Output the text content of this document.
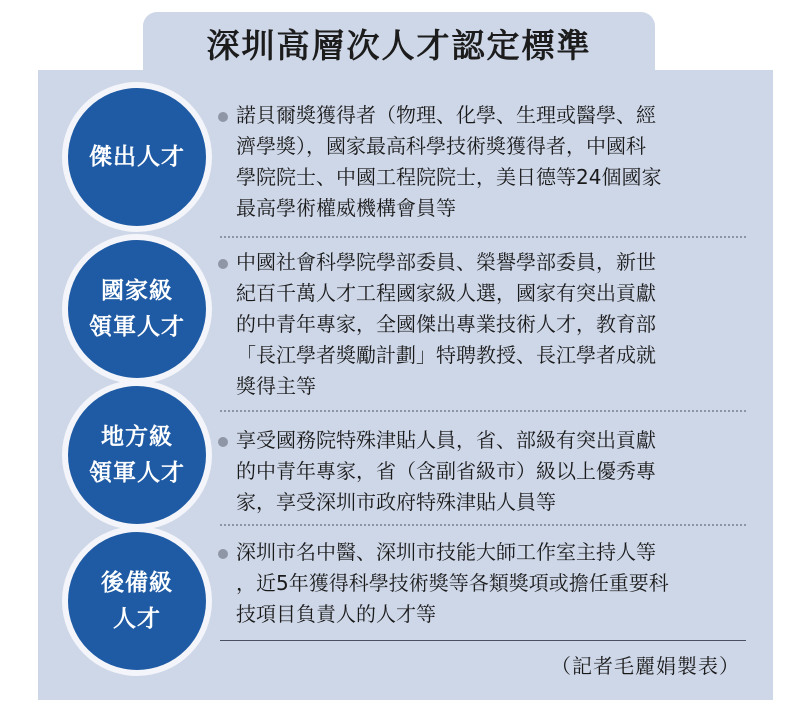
深圳高層次人才認定標準
傑出人才
諾貝爾獎獲得者（物理、化學、生理或醫學、經
濟學獎），國家最高科學技術獎獲得者，中國科
學院院士、中國工程院院士，美日德等24個國家
最高學術權威機構會員等
國家級
領軍人才
中國社會科學院學部委員、榮譽學部委員，新世
紀百千萬人才工程國家級人選，國家有突出貢獻
的中青年專家，全國傑出專業技術人才，教育部
「長江學者獎勵計劃」特聘教授、長江學者成就
獎得主等
地方級
領軍人才
享受國務院特殊津貼人員，省、部級有突出貢獻
的中青年專家，省（含副省級市）級以上優秀專
家，享受深圳市政府特殊津貼人員等
後備級
人才
深圳市名中醫、深圳市技能大師工作室主持人等
，近5年獲得科學技術獎等各類獎項或擔任重要科
技項目負責人的人才等
（記者毛麗娟製表）
